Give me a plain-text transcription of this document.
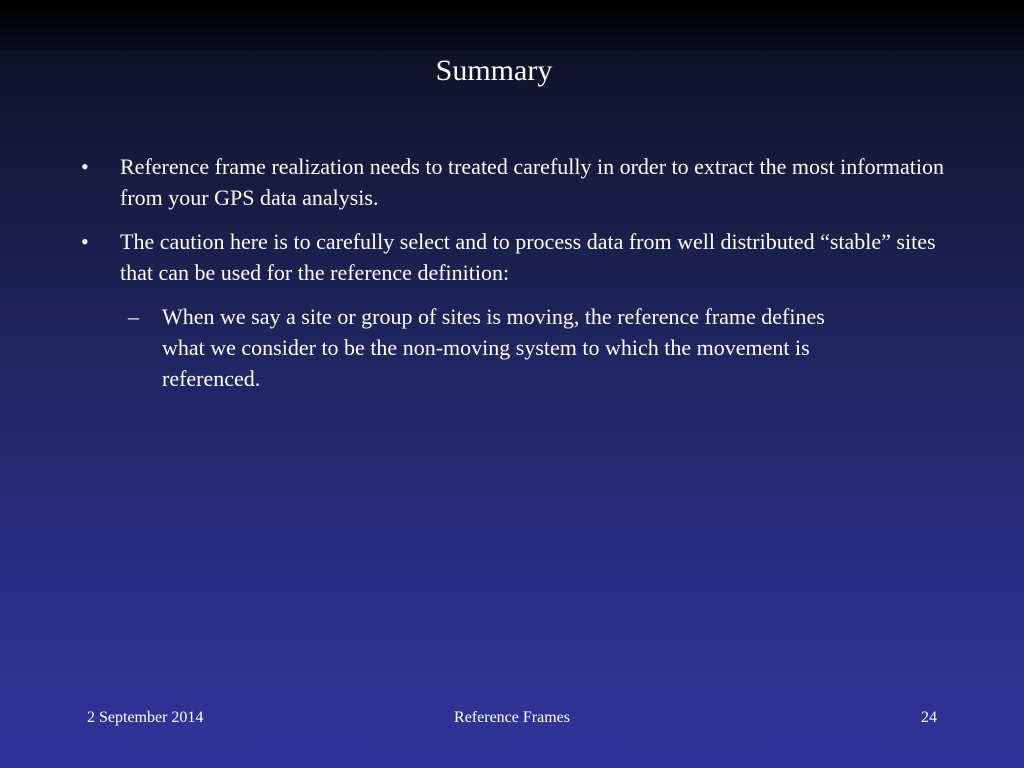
Summary
•	Reference frame realization needs to treated carefully in order to extract the most information from your GPS data analysis.
•	The caution here is to carefully select and to process data from well distributed “stable” sites that can be used for the reference definition:
–	When we say a site or group of sites is moving, the reference frame defines what we consider to be the non-moving system to which the movement is referenced.
2 September 2014	Reference Frames	24
